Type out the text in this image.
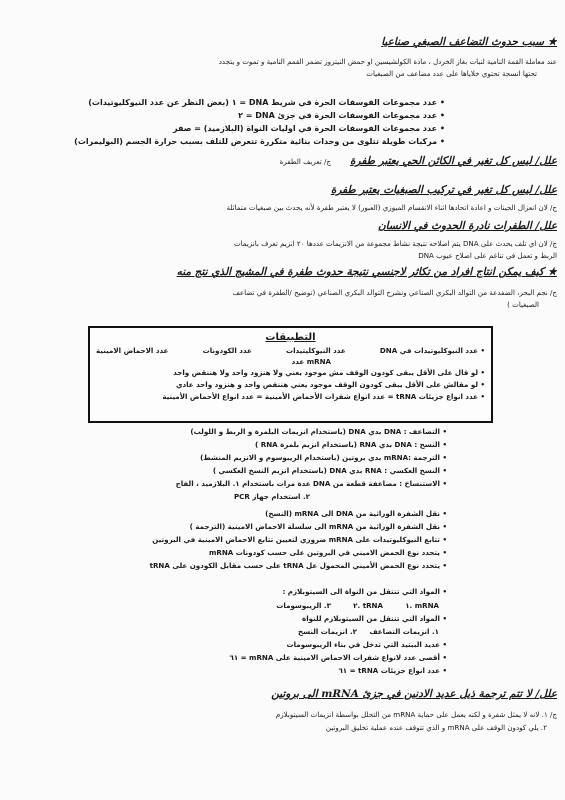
★ سبب حدوث التضاعف الصبغي صناعيا
عند معاملة القمة النامية لنبات بغاز الخردل ، مادة الكولشيسين او حمض النيتروز تضمر القمم النامية و تموت و يتجدد
تحتها انسجة تحتوي خلاياها على عدد مضاعف من الصبغيات
• عدد مجموعات الفوسفات الحرة في شريط DNA = ١ (بغض النظر عن عدد النيوكليوتيدات)
• عدد مجموعات الفوسفات الحرة في جزئ DNA = ٢
• عدد مجموعات الفوسفات الحرة في اوليات النواة (البلازميد) = صفر
• مركبات طويلة تتلوى من وحدات بنائية متكررة تتعرض للتلف بسبب حرارة الجسم (البوليمرات)
علل/ ليس كل تغير في الكائن الحي يعتبر طفرة ج/ تعريف الطفرة
علل/ ليس كل تغير في تركيب الصبغيات يعتبر طفرة
ج/ لان انعزال الجينات و اعادة اتحادها اثناء الانقسام الميوزي (العبور) لا يعتبر طفرة لأنه يحدث بين صبغيات متماثلة
علل/ الطفرات نادرة الحدوث في الانسان
ج/ لان اي تلف يحدث على DNA يتم اصلاحه نتيجة نشاط مجموعة من الانزيمات عددها ٢٠ انزيم تعرف بانزيمات
الربط و تعمل في تناغم على اصلاح عيوب DNA
★ كيف يمكن انتاج افراد من تكاثر لاجنسي نتيجة حدوث طفرة في المشيج الذي نتج منه
ج/ نجم البحر، الضفدعة من التوالد البكري الصناعي ونشرح التوالد البكري الصناعي (توضيح /الطفرة في تضاعف
الصبغيات )
التطبيقات
• عدد النيوكليوتيدات في DNA
عدد النيوكليتيدات
عدد الكودونات
عدد الاحماض الامينية
mRNA عدد
• لو قال على الأقل يبقى كودون الوقف مش موجود يعني ولا هنزود واحد ولا هننقص واحد
• لو مقالش على الأقل يبقى كودون الوقف موجود يعني هننقص واحد و هنزود واحد عادي
• عدد انواع جزيئات tRNA = عدد انواع شفرات الأحماض الأمينية = عدد انواع الأحماض الأمينية
• التضاعف : DNA بدي DNA (باستخدام انزيمات البلمرة و الربط و اللولب)
• النسخ : DNA بدي RNA (باستخدام انزيم بلمرة RNA )
• الترجمة :mRNA بدي بروتين (باستخدام الريبوسوم و الانزيم المنشط)
• النسخ العكسي : RNA بدي DNA (باستخدام انزيم النسخ العكسي )
• الاستنساخ : مضاعفة قطعة من DNA عدة مرات باستخدام ١. البلازميد ، الفاج
٢. استخدام جهاز PCR
• نقل الشفرة الوراثية من DNA الى mRNA (النسخ)
• نقل الشفرة الوراثية من mRNA الى سلسلة الاحماض الامينية (الترجمة )
• تتابع النيوكليوتيدات على mRNA ضروري لتعيين تتابع الاحماض الامينية في البروتين
• يتحدد نوع الحمض الاميني في البروتين على حسب كودونات mRNA
• يتحدد نوع الحمض الأميني المحمول عل tRNA على حسب مقابل الكودون على tRNA
• المواد التي تنتقل من النواة الى السيتوبلازم :
mRNA .١         tRNA .٢         ٣. الريبوسومات
• المواد التي تنتقل من السيتوبلازم للنواة
١. انزيمات التضاعف     ٢. انزيمات النسخ
• عديد الببتيد التي تدخل في بناء الريبوسومات
• أقصى عدد لانواع شفرات الاحماض الامينية على mRNA = ٦١
• عدد انواع جزيئات tRNA = ٦١
علل/ لا تتم ترجمة ذيل عديد الادنين في جزئ mRNA الى بروتين
ج/ ١. لانه لا يمثل شفرة و لكنه يعمل على حماية mRNA من التحلل بواسطة انزيمات السيتوبلازم
٢. يلي كودون الوقف على mRNA و الذي تتوقف عنده عملية تخليق البروتين
